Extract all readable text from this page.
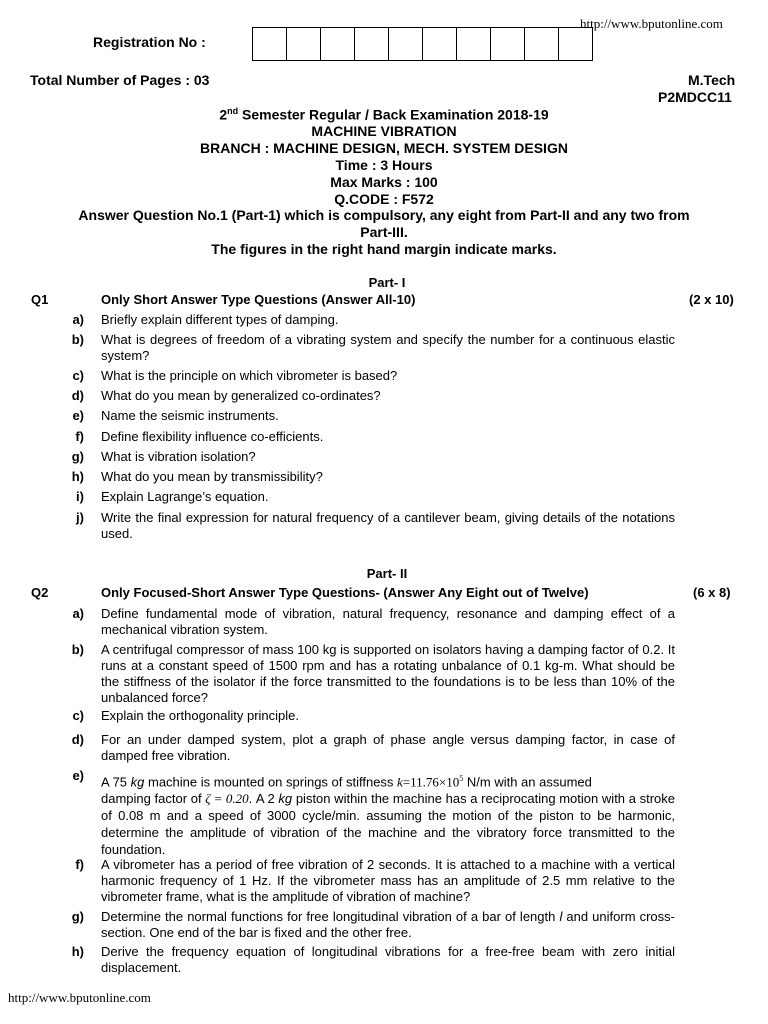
http://www.bputonline.com
Registration No :
Total Number of Pages : 03	M.Tech
P2MDCC11
2nd Semester Regular / Back Examination 2018-19
MACHINE VIBRATION
BRANCH : MACHINE DESIGN, MECH. SYSTEM DESIGN
Time : 3 Hours
Max Marks : 100
Q.CODE : F572
Answer Question No.1 (Part-1) which is compulsory, any eight from Part-II and any two from
Part-III.
The figures in the right hand margin indicate marks.
Part- I
Q1	Only Short Answer Type Questions (Answer All-10)	(2 x 10)
a) Briefly explain different types of damping.
b) What is degrees of freedom of a vibrating system and specify the number for a continuous elastic system?
c) What is the principle on which vibrometer is based?
d) What do you mean by generalized co-ordinates?
e) Name the seismic instruments.
f) Define flexibility influence co-efficients.
g) What is vibration isolation?
h) What do you mean by transmissibility?
i) Explain Lagrange’s equation.
j) Write the final expression for natural frequency of a cantilever beam, giving details of the notations used.
Part- II
Q2	Only Focused-Short Answer Type Questions- (Answer Any Eight out of Twelve)	(6 x 8)
a) Define fundamental mode of vibration, natural frequency, resonance and damping effect of a mechanical vibration system.
b) A centrifugal compressor of mass 100 kg is supported on isolators having a damping factor of 0.2. It runs at a constant speed of 1500 rpm and has a rotating unbalance of 0.1 kg-m. What should be the stiffness of the isolator if the force transmitted to the foundations is to be less than 10% of the unbalanced force?
c) Explain the orthogonality principle.
d) For an under damped system, plot a graph of phase angle versus damping factor, in case of damped free vibration.
e) A 75 kg machine is mounted on springs of stiffness $k=11.76\times 10^5$ N/m with an assumed
damping factor of ζ = 0.20. A 2 kg piston within the machine has a reciprocating motion with a stroke of 0.08 m and a speed of 3000 cycle/min. assuming the motion of the piston to be harmonic, determine the amplitude of vibration of the machine and the vibratory force transmitted to the foundation.
f) A vibrometer has a period of free vibration of 2 seconds. It is attached to a machine with a vertical harmonic frequency of 1 Hz. If the vibrometer mass has an amplitude of 2.5 mm relative to the vibrometer frame, what is the amplitude of vibration of machine?
g) Determine the normal functions for free longitudinal vibration of a bar of length l and uniform cross-section. One end of the bar is fixed and the other free.
h) Derive the frequency equation of longitudinal vibrations for a free-free beam with zero initial displacement.
http://www.bputonline.com
